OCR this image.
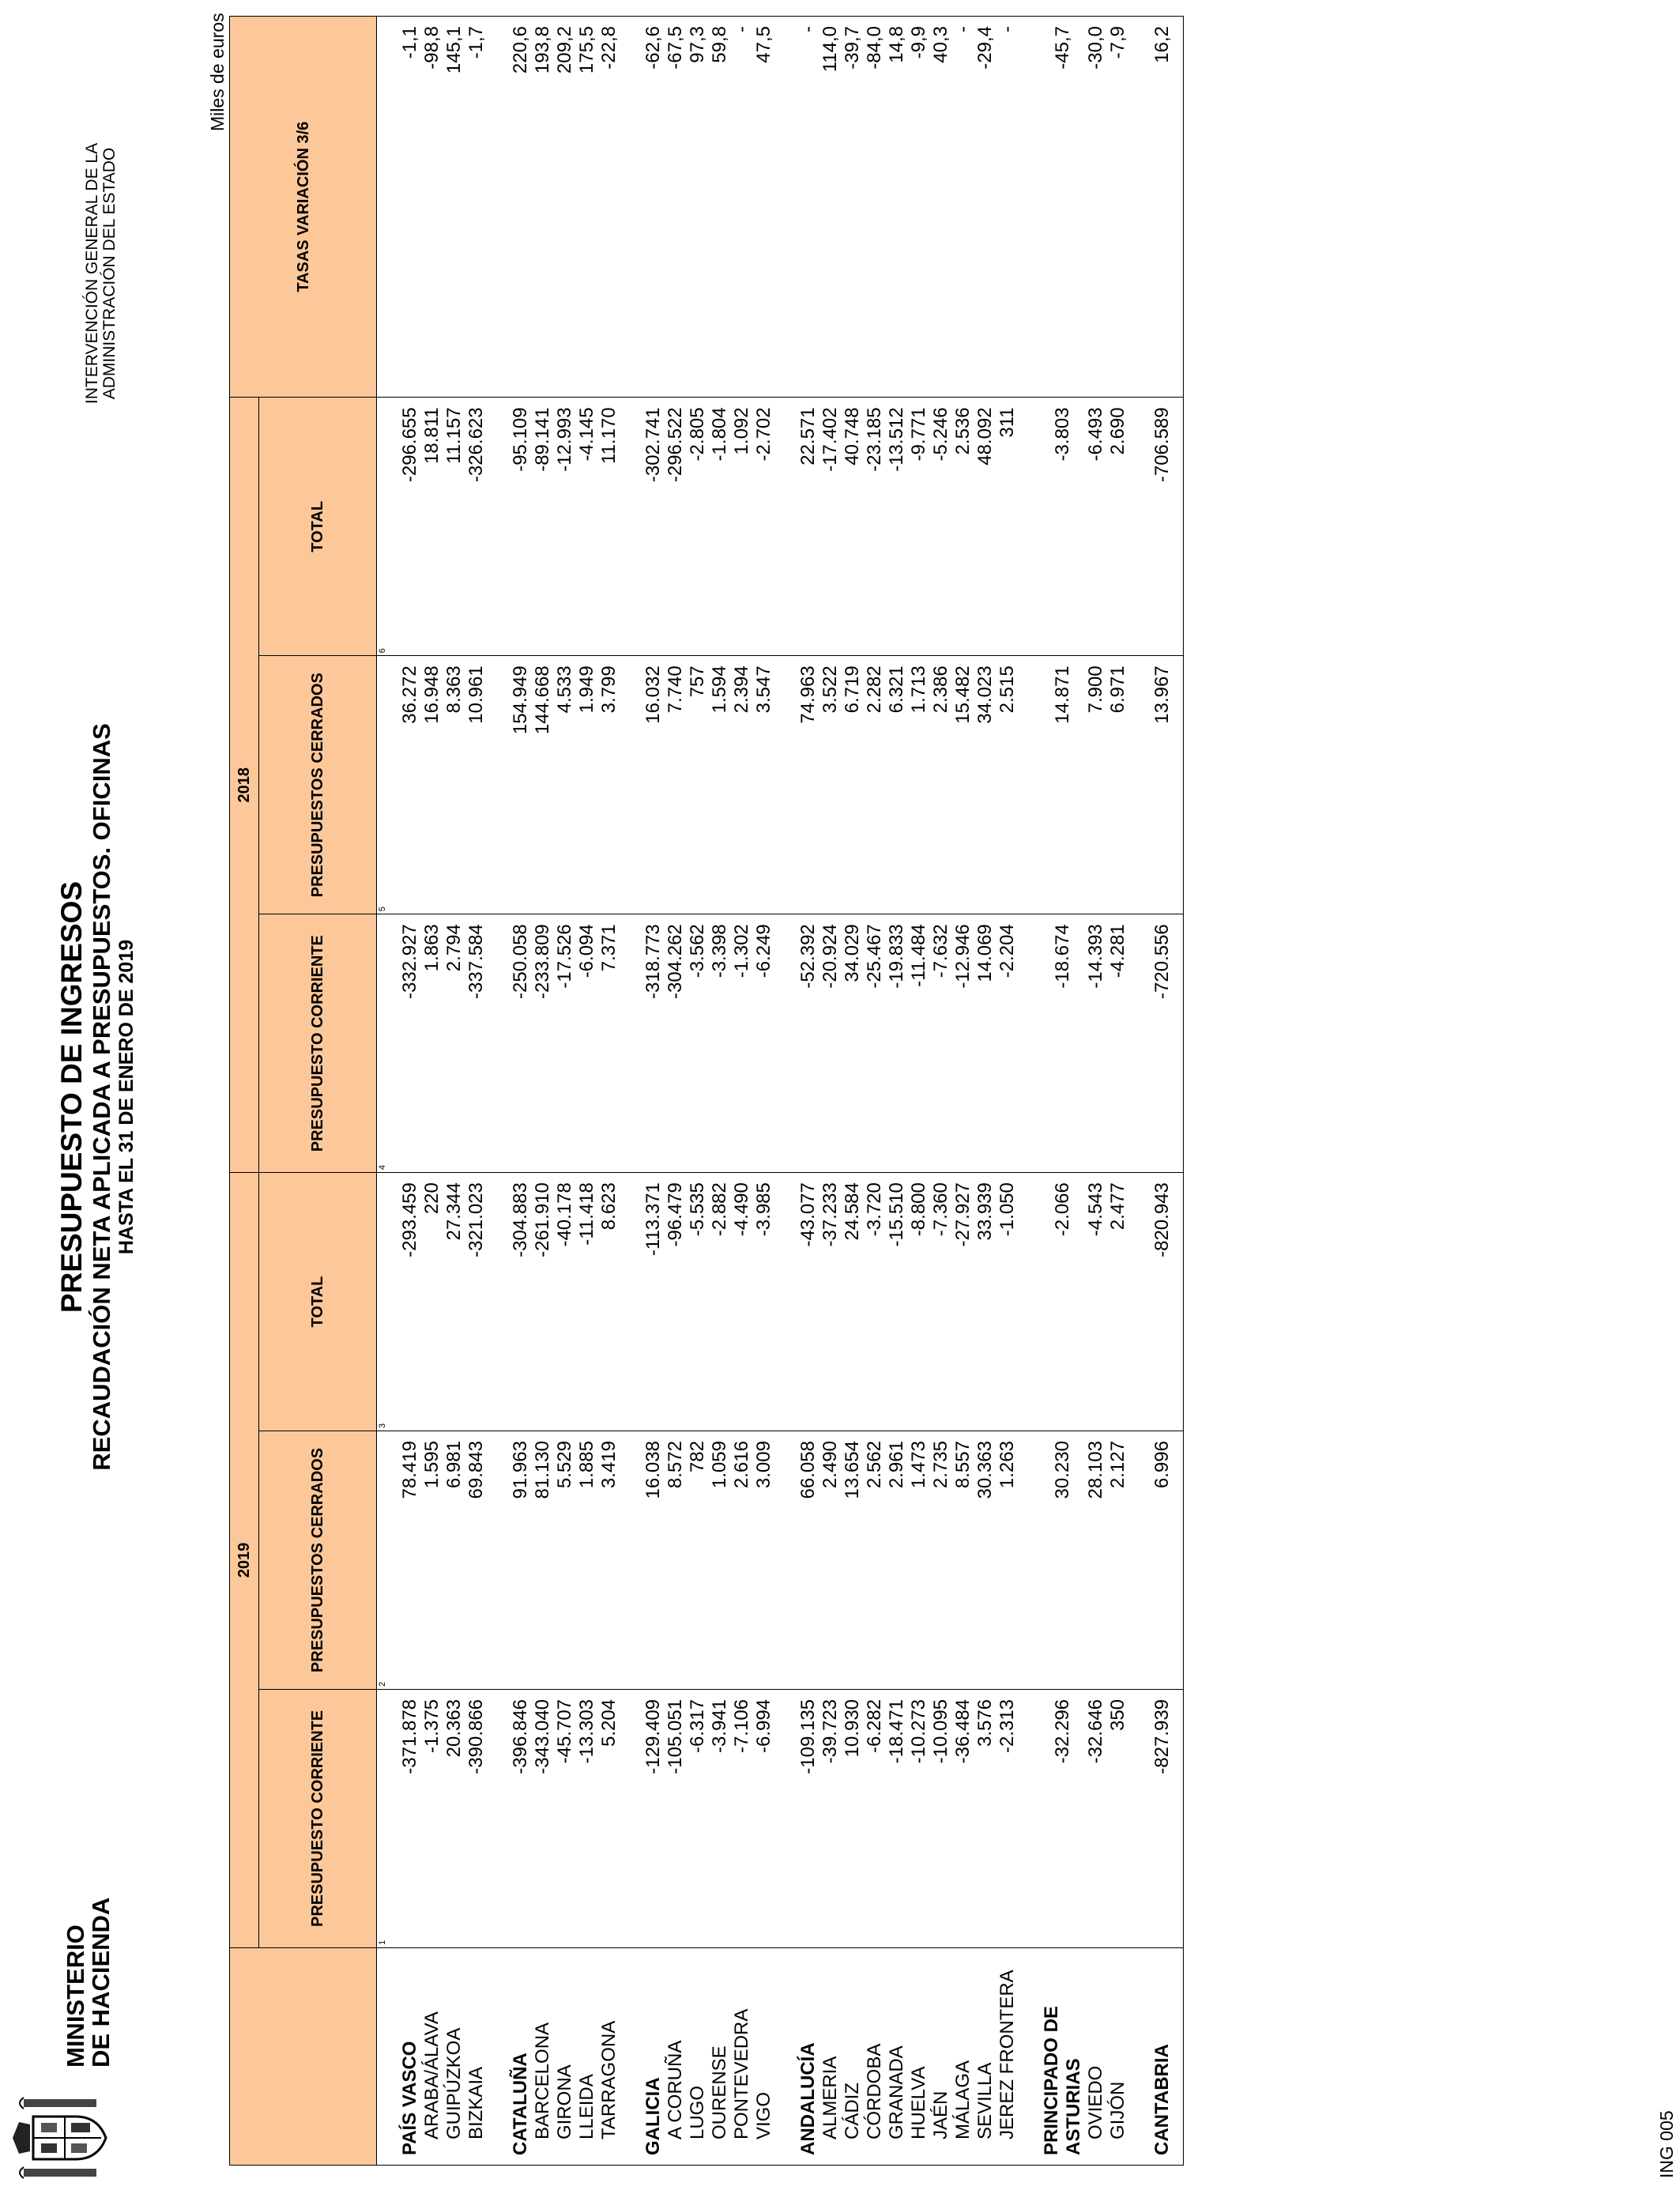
MINISTERIO
DE HACIENDA
PRESUPUESTO DE INGRESOS RECAUDACIÓN NETA APLICADA A PRESUPUESTOS. OFICINAS HASTA EL 31 DE ENERO DE 2019
INTERVENCIÓN GENERAL DE LA ADMINISTRACIÓN DEL ESTADO
Miles de euros
	2019			2018			TASAS VARIACIÓN 3/6
	PRESUPUESTO CORRIENTE	PRESUPUESTOS CERRADOS	TOTAL	PRESUPUESTO CORRIENTE	PRESUPUESTOS CERRADOS	TOTAL	
	1	2	3	4	5	6	
PAÍS VASCO	-371.878	78.419	-293.459	-332.927	36.272	-296.655	-1,1
ARABA/ÁLAVA	-1.375	1.595	220	1.863	16.948	18.811	-98,8
GUIPÚZKOA	20.363	6.981	27.344	2.794	8.363	11.157	145,1
BIZKAIA	-390.866	69.843	-321.023	-337.584	10.961	-326.623	-1,7

CATALUÑA	-396.846	91.963	-304.883	-250.058	154.949	-95.109	220,6
BARCELONA	-343.040	81.130	-261.910	-233.809	144.668	-89.141	193,8
GIRONA	-45.707	5.529	-40.178	-17.526	4.533	-12.993	209,2
LLEIDA	-13.303	1.885	-11.418	-6.094	1.949	-4.145	175,5
TARRAGONA	5.204	3.419	8.623	7.371	3.799	11.170	-22,8

GALICIA	-129.409	16.038	-113.371	-318.773	16.032	-302.741	-62,6
A CORUÑA	-105.051	8.572	-96.479	-304.262	7.740	-296.522	-67,5
LUGO	-6.317	782	-5.535	-3.562	757	-2.805	97,3
OURENSE	-3.941	1.059	-2.882	-3.398	1.594	-1.804	59,8
PONTEVEDRA	-7.106	2.616	-4.490	-1.302	2.394	1.092	-
VIGO	-6.994	3.009	-3.985	-6.249	3.547	-2.702	47,5

ANDALUCÍA	-109.135	66.058	-43.077	-52.392	74.963	22.571	-
ALMERIA	-39.723	2.490	-37.233	-20.924	3.522	-17.402	114,0
CÁDIZ	10.930	13.654	24.584	34.029	6.719	40.748	-39,7
CÓRDOBA	-6.282	2.562	-3.720	-25.467	2.282	-23.185	-84,0
GRANADA	-18.471	2.961	-15.510	-19.833	6.321	-13.512	14,8
HUELVA	-10.273	1.473	-8.800	-11.484	1.713	-9.771	-9,9
JAÉN	-10.095	2.735	-7.360	-7.632	2.386	-5.246	40,3
MÁLAGA	-36.484	8.557	-27.927	-12.946	15.482	2.536	-
SEVILLA	3.576	30.363	33.939	14.069	34.023	48.092	-29,4
JEREZ FRONTERA	-2.313	1.263	-1.050	-2.204	2.515	311	-

PRINCIPADO DE ASTURIAS	-32.296	30.230	-2.066	-18.674	14.871	-3.803	-45,7
OVIEDO	-32.646	28.103	-4.543	-14.393	7.900	-6.493	-30,0
GIJÓN	350	2.127	2.477	-4.281	6.971	2.690	-7,9

CANTABRIA	-827.939	6.996	-820.943	-720.556	13.967	-706.589	16,2
ING 005
